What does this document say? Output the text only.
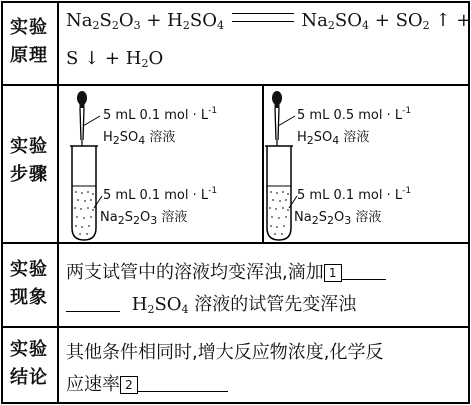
实验
原理
$Na_2S_2O_3 + H_2SO_4$	$Na_2SO_4 + SO_2$ ↑ +
S ↓ + $H_2O$
实验
步骤
5 mL 0.1 mol · $L^{-1}$
$H_2SO_4$ 溶液
5 mL 0.1 mol · $L^{-1}$
$Na_2S_2O_3$ 溶液
5 mL 0.5 mol · $L^{-1}$
$H_2SO_4$ 溶液
5 mL 0.1 mol · $L^{-1}$
$Na_2S_2O_3$ 溶液
实验
现象
两支试管中的溶液均变浑浊,滴加 1
$H_2SO_4$ 溶液的试管先变浑浊
实验
结论
其他条件相同时,增大反应物浓度,化学反
应速率 2
